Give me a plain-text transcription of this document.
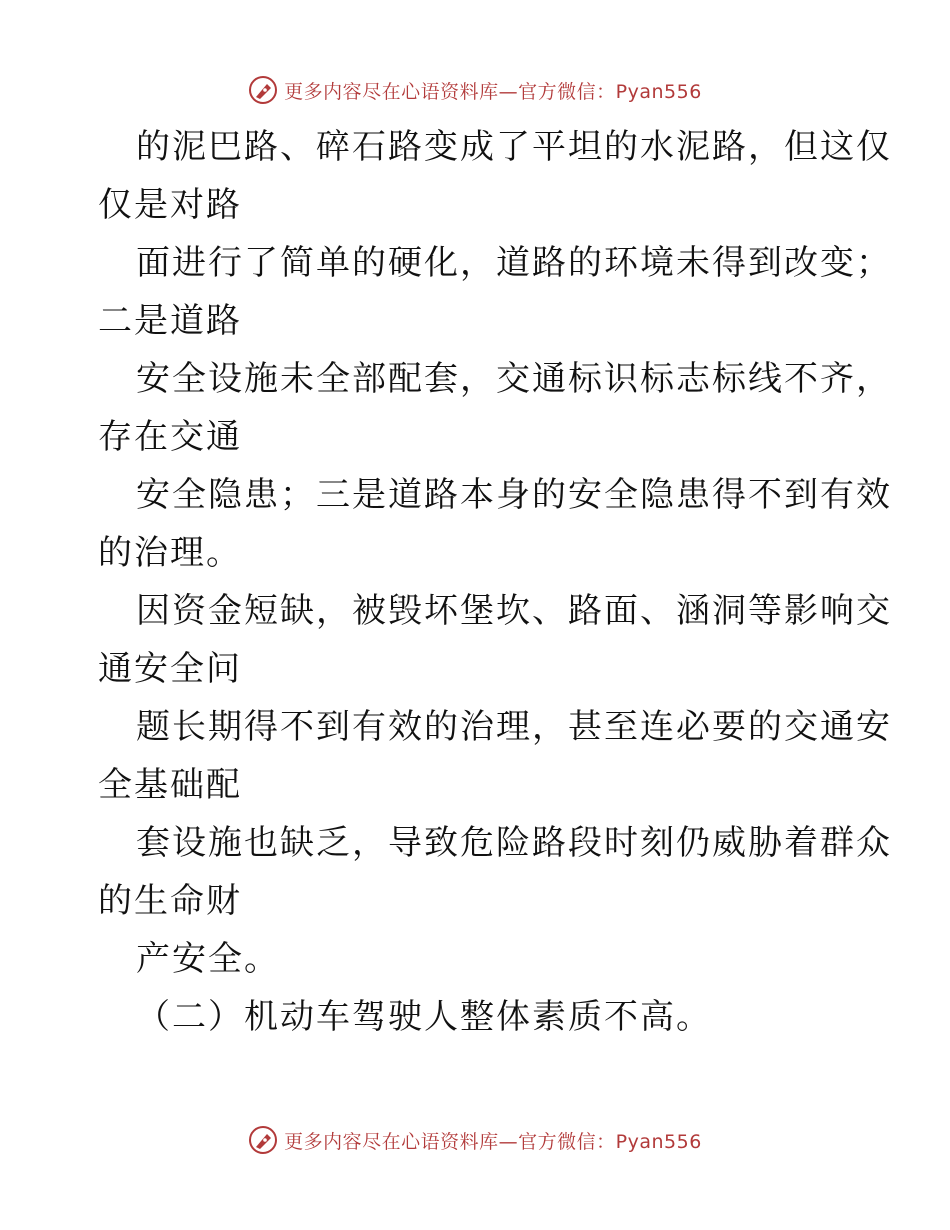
更多内容尽在心语资料库—官方微信：Pyan556
的泥巴路、碎石路变成了平坦的水泥路，但这仅
仅是对路
面进行了简单的硬化，道路的环境未得到改变；
二是道路
安全设施未全部配套，交通标识标志标线不齐，
存在交通
安全隐患；三是道路本身的安全隐患得不到有效
的治理。
因资金短缺，被毁坏堡坎、路面、涵洞等影响交
通安全问
题长期得不到有效的治理，甚至连必要的交通安
全基础配
套设施也缺乏，导致危险路段时刻仍威胁着群众
的生命财
产安全。
（二）机动车驾驶人整体素质不高。
更多内容尽在心语资料库—官方微信：Pyan556
